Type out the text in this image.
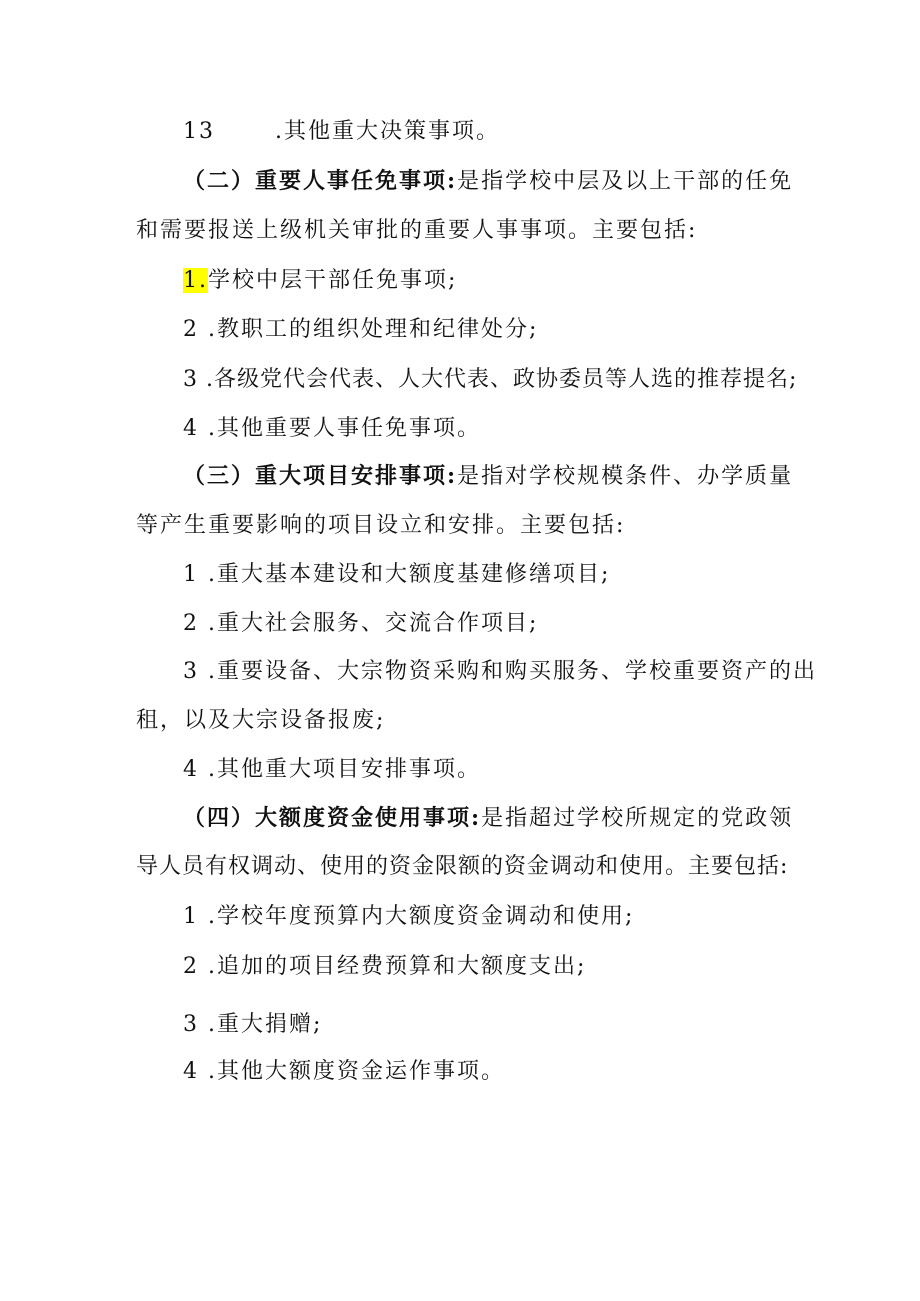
13	.其他重大决策事项。
（二）重要人事任免事项:是指学校中层及以上干部的任免
和需要报送上级机关审批的重要人事事项。主要包括:
1.学校中层干部任免事项;
2 .教职工的组织处理和纪律处分;
3 .各级党代会代表、人大代表、政协委员等人选的推荐提名;
4 .其他重要人事任免事项。
（三）重大项目安排事项:是指对学校规模条件、办学质量
等产生重要影响的项目设立和安排。主要包括:
1 .重大基本建设和大额度基建修缮项目;
2 .重大社会服务、交流合作项目;
3 .重要设备、大宗物资采购和购买服务、学校重要资产的出
租，以及大宗设备报废;
4 .其他重大项目安排事项。
（四）大额度资金使用事项:是指超过学校所规定的党政领
导人员有权调动、使用的资金限额的资金调动和使用。主要包括:
1 .学校年度预算内大额度资金调动和使用;
2 .追加的项目经费预算和大额度支出;
3 .重大捐赠;
4 .其他大额度资金运作事项。
